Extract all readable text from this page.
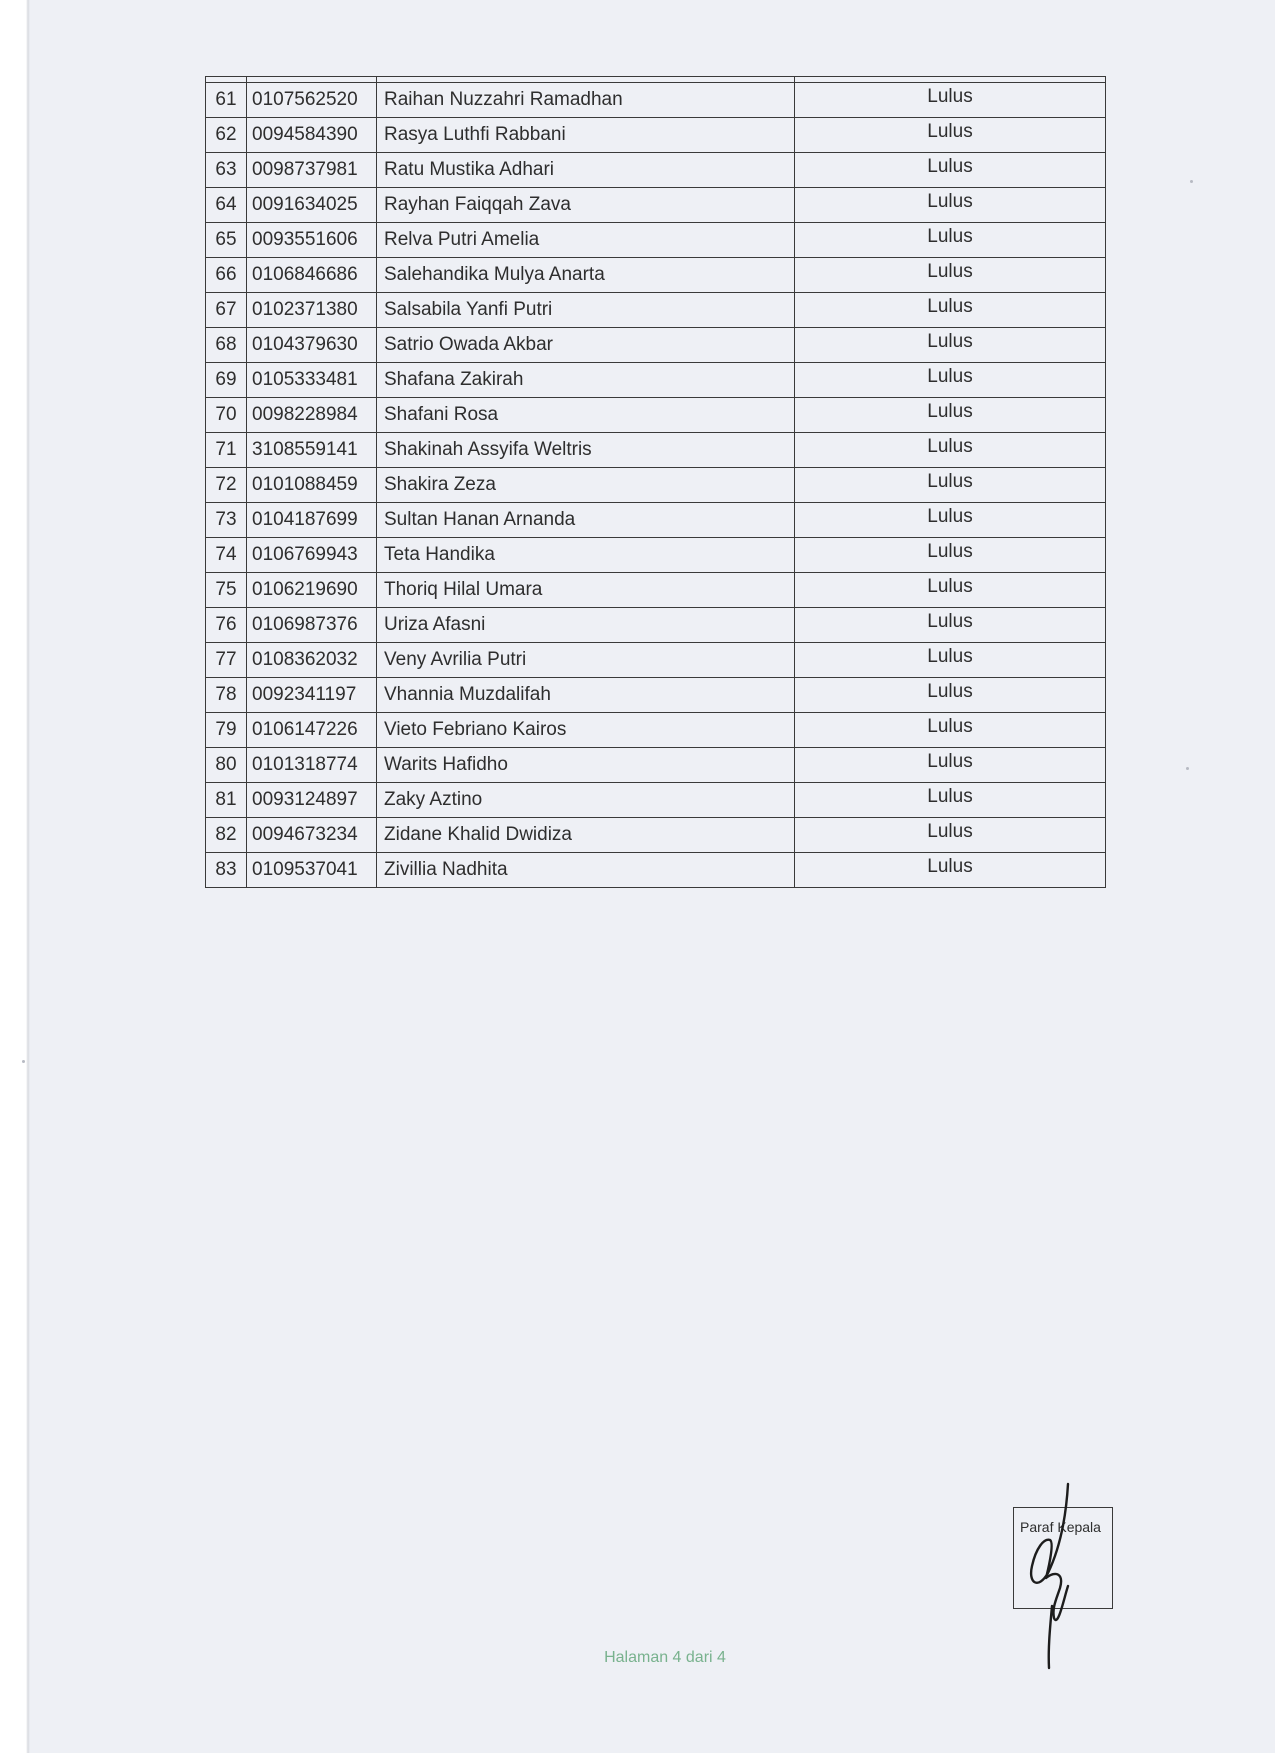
61	0107562520	Raihan Nuzzahri Ramadhan	Lulus
62	0094584390	Rasya Luthfi Rabbani	Lulus
63	0098737981	Ratu Mustika Adhari	Lulus
64	0091634025	Rayhan Faiqqah Zava	Lulus
65	0093551606	Relva Putri Amelia	Lulus
66	0106846686	Salehandika Mulya Anarta	Lulus
67	0102371380	Salsabila Yanfi Putri	Lulus
68	0104379630	Satrio Owada Akbar	Lulus
69	0105333481	Shafana Zakirah	Lulus
70	0098228984	Shafani Rosa	Lulus
71	3108559141	Shakinah Assyifa Weltris	Lulus
72	0101088459	Shakira Zeza	Lulus
73	0104187699	Sultan Hanan Arnanda	Lulus
74	0106769943	Teta Handika	Lulus
75	0106219690	Thoriq Hilal Umara	Lulus
76	0106987376	Uriza Afasni	Lulus
77	0108362032	Veny Avrilia Putri	Lulus
78	0092341197	Vhannia Muzdalifah	Lulus
79	0106147226	Vieto Febriano Kairos	Lulus
80	0101318774	Warits Hafidho	Lulus
81	0093124897	Zaky Aztino	Lulus
82	0094673234	Zidane Khalid Dwidiza	Lulus
83	0109537041	Zivillia Nadhita	Lulus
Paraf Kepala
Halaman 4 dari 4
